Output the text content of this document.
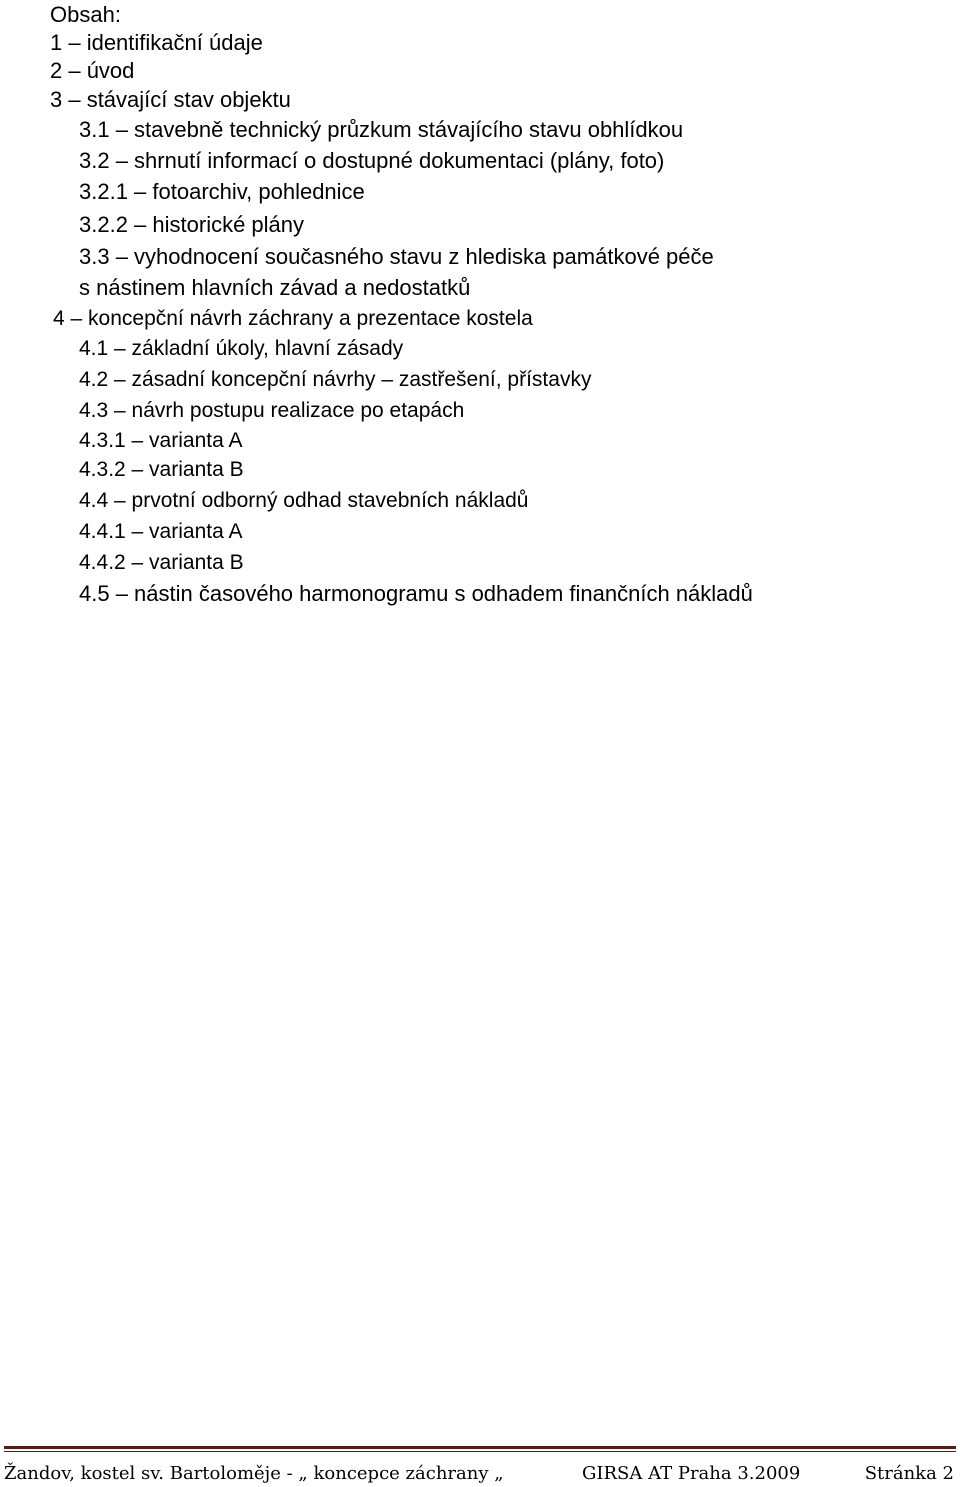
Obsah:
1 – identifikační údaje
2 – úvod
3 – stávající stav objektu
3.1 – stavebně technický průzkum stávajícího stavu obhlídkou
3.2 – shrnutí informací o dostupné dokumentaci (plány, foto)
3.2.1 – fotoarchiv, pohlednice
3.2.2 – historické plány
3.3 – vyhodnocení současného stavu z hlediska památkové péče
s nástinem hlavních závad a nedostatků
4 – koncepční návrh záchrany a prezentace kostela
4.1 – základní úkoly, hlavní zásady
4.2 – zásadní koncepční návrhy – zastřešení, přístavky
4.3 – návrh postupu realizace po etapách
4.3.1 – varianta A
4.3.2 – varianta B
4.4 – prvotní odborný odhad stavebních nákladů
4.4.1 – varianta A
4.4.2 – varianta B
4.5 – nástin časového harmonogramu s odhadem finančních nákladů
Žandov, kostel sv. Bartoloměje - „ koncepce záchrany „	GIRSA AT Praha 3.2009	Stránka 2
